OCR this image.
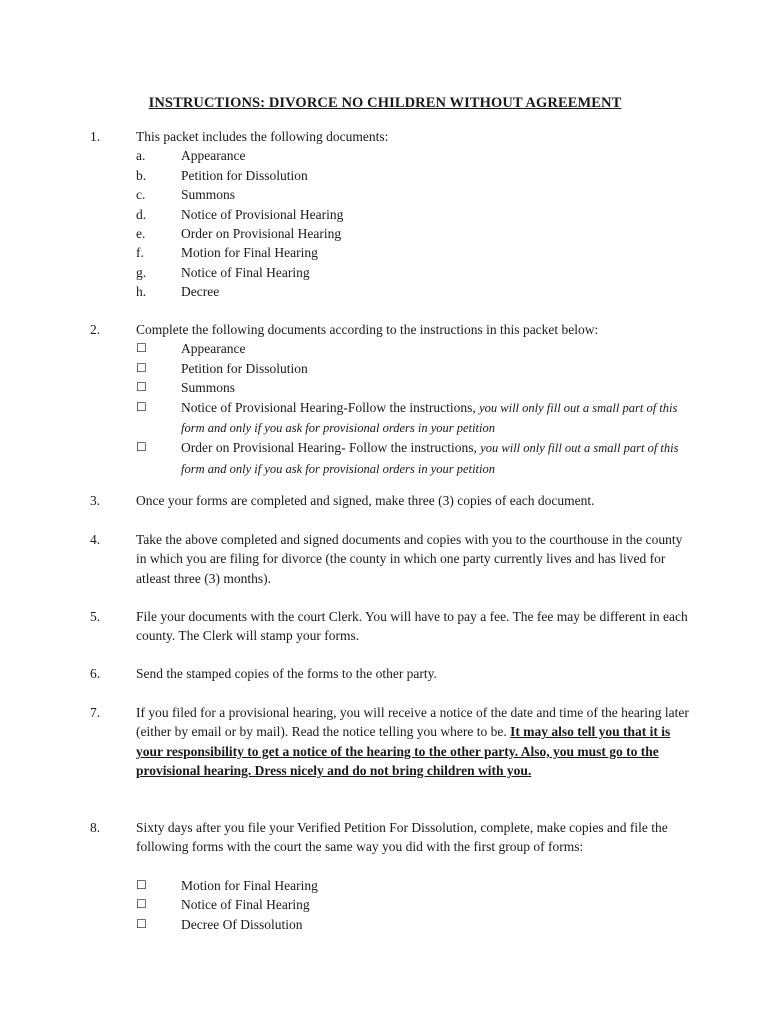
INSTRUCTIONS: DIVORCE NO CHILDREN WITHOUT AGREEMENT
1.	This packet includes the following documents:
a.	Appearance
b.	Petition for Dissolution
c.	Summons
d.	Notice of Provisional Hearing
e.	Order on Provisional Hearing
f.	Motion for Final Hearing
g.	Notice of Final Hearing
h.	Decree
2.	Complete the following documents according to the instructions in this packet below:
☐	Appearance
☐	Petition for Dissolution
☐	Summons
☐	Notice of Provisional Hearing-Follow the instructions, you will only fill out a small part of this form and only if you ask for provisional orders in your petition
☐	Order on Provisional Hearing- Follow the instructions, you will only fill out a small part of this form and only if you ask for provisional orders in your petition
3.	Once your forms are completed and signed, make three (3) copies of each document.
4.	Take the above completed and signed documents and copies with you to the courthouse in the county in which you are filing for divorce (the county in which one party currently lives and has lived for atleast three (3) months).
5.	File your documents with the court Clerk. You will have to pay a fee. The fee may be different in each county. The Clerk will stamp your forms.
6.	Send the stamped copies of the forms to the other party.
7.	If you filed for a provisional hearing, you will receive a notice of the date and time of the hearing later (either by email or by mail). Read the notice telling you where to be. It may also tell you that it is your responsibility to get a notice of the hearing to the other party. Also, you must go to the provisional hearing. Dress nicely and do not bring children with you.
8.	Sixty days after you file your Verified Petition For Dissolution, complete, make copies and file the following forms with the court the same way you did with the first group of forms:
☐	Motion for Final Hearing
☐	Notice of Final Hearing
☐	Decree Of Dissolution
